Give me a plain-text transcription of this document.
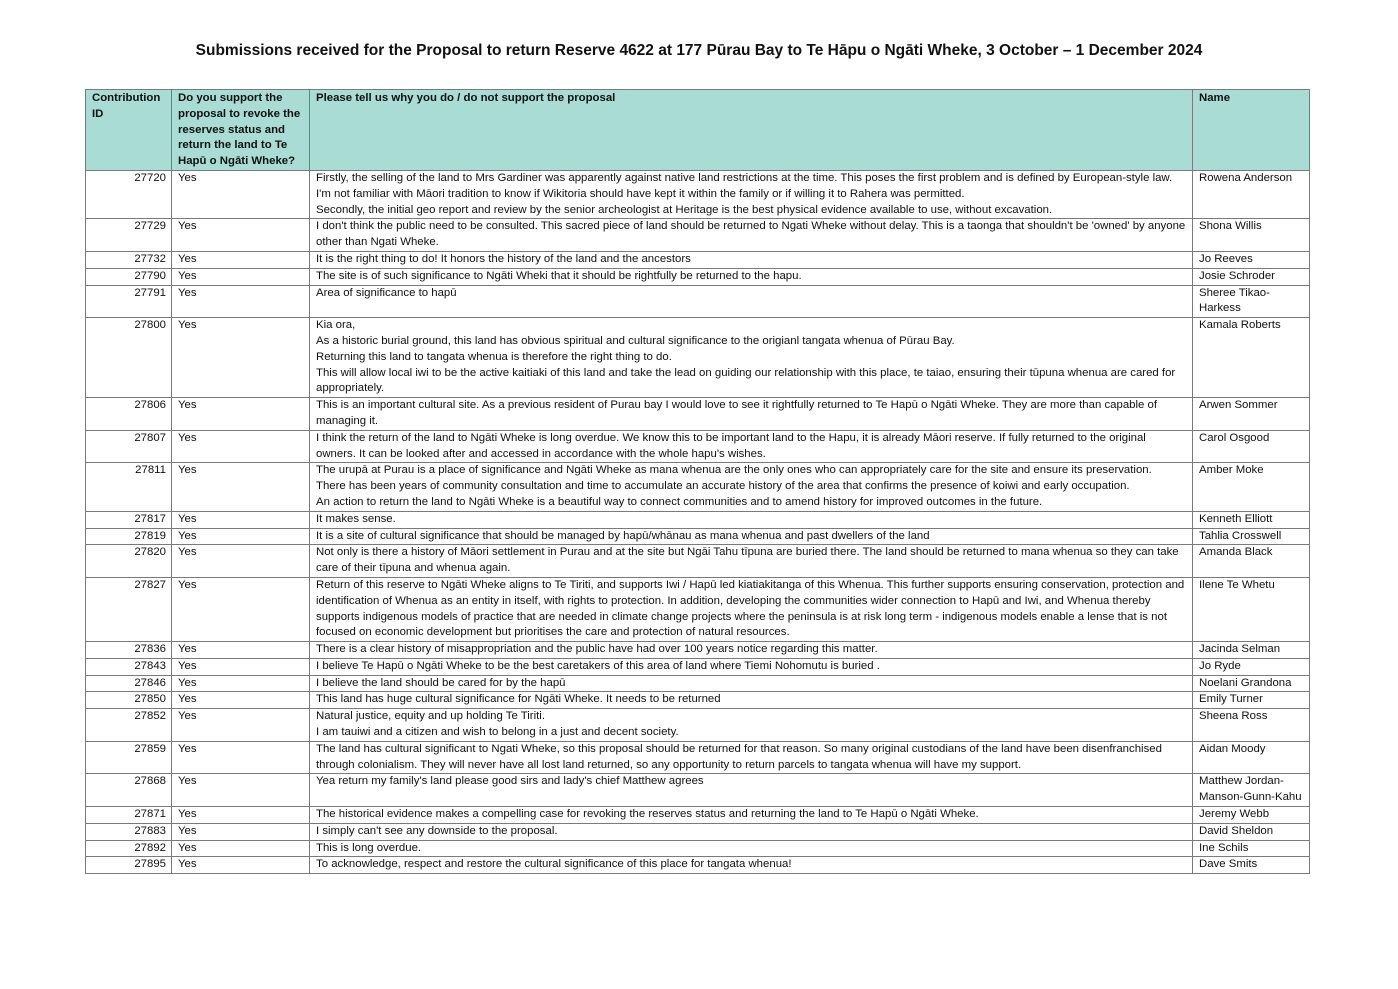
Submissions received for the Proposal to return Reserve 4622 at 177 Pūrau Bay to Te Hāpu o Ngāti Wheke, 3 October – 1 December 2024
Contribution ID	Do you support the proposal to revoke the reserves status and return the land to Te Hapū o Ngāti Wheke?	Please tell us why you do / do not support the proposal	Name
27720	Yes	Firstly, the selling of the land to Mrs Gardiner was apparently against native land restrictions at the time. This poses the first problem and is defined by European-style law. I'm not familiar with Māori tradition to know if Wikitoria should have kept it within the family or if willing it to Rahera was permitted.
Secondly, the initial geo report and review by the senior archeologist at Heritage is the best physical evidence available to use, without excavation.	Rowena Anderson
27729	Yes	I don't think the public need to be consulted. This sacred piece of land should be returned to Ngati Wheke without delay. This is a taonga that shouldn't be 'owned' by anyone other than Ngati Wheke.	Shona Willis
27732	Yes	It is the right thing to do! It honors the history of the land and the ancestors	Jo Reeves
27790	Yes	The site is of such significance to Ngāti Wheki that it should be rightfully be returned to the hapu.	Josie Schroder
27791	Yes	Area of significance to hapū	Sheree Tikao-Harkess
27800	Yes	Kia ora,
As a historic burial ground, this land has obvious spiritual and cultural significance to the origianl tangata whenua of Pūrau Bay.
Returning this land to tangata whenua is therefore the right thing to do.
This will allow local iwi to be the active kaitiaki of this land and take the lead on guiding our relationship with this place, te taiao, ensuring their tūpuna whenua are cared for appropriately.	Kamala Roberts
27806	Yes	This is an important cultural site. As a previous resident of Purau bay I would love to see it rightfully returned to Te Hapū o Ngāti Wheke. They are more than capable of managing it.	Arwen Sommer
27807	Yes	I think the return of the land to Ngāti Wheke is long overdue. We know this to be important land to the Hapu, it is already Māori reserve. If fully returned to the original owners. It can be looked after and accessed in accordance with the whole hapu's wishes.	Carol Osgood
27811	Yes	The urupā at Purau is a place of significance and Ngāti Wheke as mana whenua are the only ones who can appropriately care for the site and ensure its preservation.
There has been years of community consultation and time to accumulate an accurate history of the area that confirms the presence of koiwi and early occupation.
An action to return the land to Ngāti Wheke is a beautiful way to connect communities and to amend history for improved outcomes in the future.	Amber Moke
27817	Yes	It makes sense.	Kenneth Elliott
27819	Yes	It is a site of cultural significance that should be managed by hapū/whānau as mana whenua and past dwellers of the land	Tahlia Crosswell
27820	Yes	Not only is there a history of Māori settlement in Purau and at the site but Ngāi Tahu tīpuna are buried there. The land should be returned to mana whenua so they can take care of their tīpuna and whenua again.	Amanda Black
27827	Yes	Return of this reserve to Ngāti Wheke aligns to Te Tiriti, and supports Iwi / Hapū led kiatiakitanga of this Whenua. This further supports ensuring conservation, protection and identification of Whenua as an entity in itself, with rights to protection. In addition, developing the communities wider connection to Hapū and Iwi, and Whenua thereby supports indigenous models of practice that are needed in climate change projects where the peninsula is at risk long term - indigenous models enable a lense that is not focused on economic development but prioritises the care and protection of natural resources.	Ilene Te Whetu
27836	Yes	There is a clear history of misappropriation and the public have had over 100 years notice regarding this matter.	Jacinda Selman
27843	Yes	I believe Te Hapū o Ngāti Wheke to be the best caretakers of this area of land where Tiemi Nohomutu is buried .	Jo Ryde
27846	Yes	I believe the land should be cared for by the hapū	Noelani Grandona
27850	Yes	This land has huge cultural significance for Ngāti Wheke. It needs to be returned	Emily Turner
27852	Yes	Natural justice, equity and up holding Te Tiriti.
I am tauiwi and a citizen and wish to belong in a just and decent society.	Sheena Ross
27859	Yes	The land has cultural significant to Ngati Wheke, so this proposal should be returned for that reason. So many original custodians of the land have been disenfranchised through colonialism. They will never have all lost land returned, so any opportunity to return parcels to tangata whenua will have my support.	Aidan Moody
27868	Yes	Yea return my family's land please good sirs and lady's chief Matthew agrees	Matthew Jordan-Manson-Gunn-Kahu
27871	Yes	The historical evidence makes a compelling case for revoking the reserves status and returning the land to Te Hapū o Ngāti Wheke.	Jeremy Webb
27883	Yes	I simply can't see any downside to the proposal.	David Sheldon
27892	Yes	This is long overdue.	Ine Schils
27895	Yes	To acknowledge, respect and restore the cultural significance of this place for tangata whenua!	Dave Smits
